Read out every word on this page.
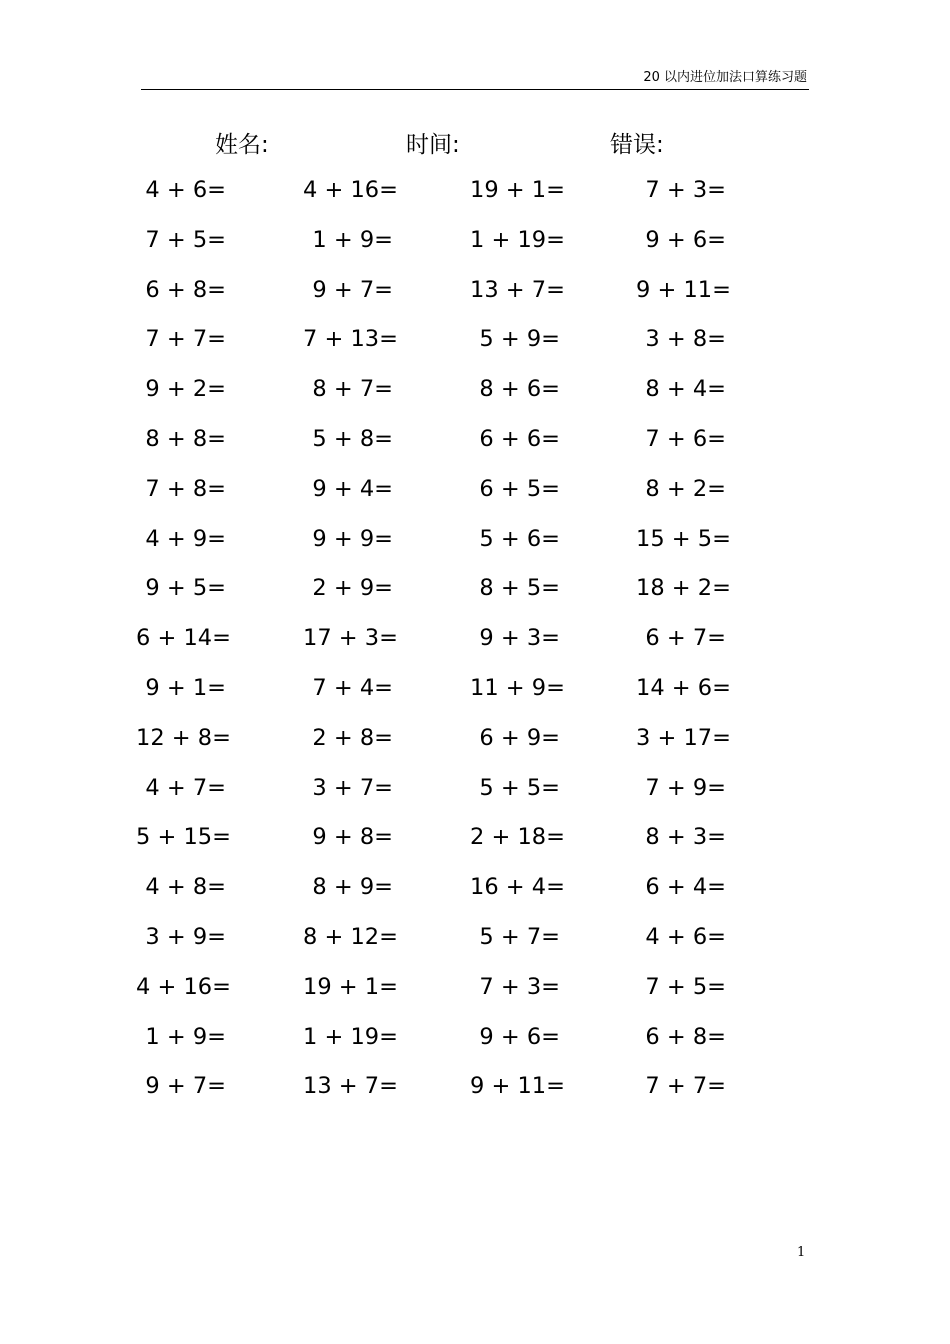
20 以内进位加法口算练习题
姓名:	时间:	错误:
4 + 6=	4 + 16=	19 + 1=	7 + 3=
7 + 5=	1 + 9=	1 + 19=	9 + 6=
6 + 8=	9 + 7=	13 + 7=	9 + 11=
7 + 7=	7 + 13=	5 + 9=	3 + 8=
9 + 2=	8 + 7=	8 + 6=	8 + 4=
8 + 8=	5 + 8=	6 + 6=	7 + 6=
7 + 8=	9 + 4=	6 + 5=	8 + 2=
4 + 9=	9 + 9=	5 + 6=	15 + 5=
9 + 5=	2 + 9=	8 + 5=	18 + 2=
6 + 14=	17 + 3=	9 + 3=	6 + 7=
9 + 1=	7 + 4=	11 + 9=	14 + 6=
12 + 8=	2 + 8=	6 + 9=	3 + 17=
4 + 7=	3 + 7=	5 + 5=	7 + 9=
5 + 15=	9 + 8=	2 + 18=	8 + 3=
4 + 8=	8 + 9=	16 + 4=	6 + 4=
3 + 9=	8 + 12=	5 + 7=	4 + 6=
4 + 16=	19 + 1=	7 + 3=	7 + 5=
1 + 9=	1 + 19=	9 + 6=	6 + 8=
9 + 7=	13 + 7=	9 + 11=	7 + 7=
1
